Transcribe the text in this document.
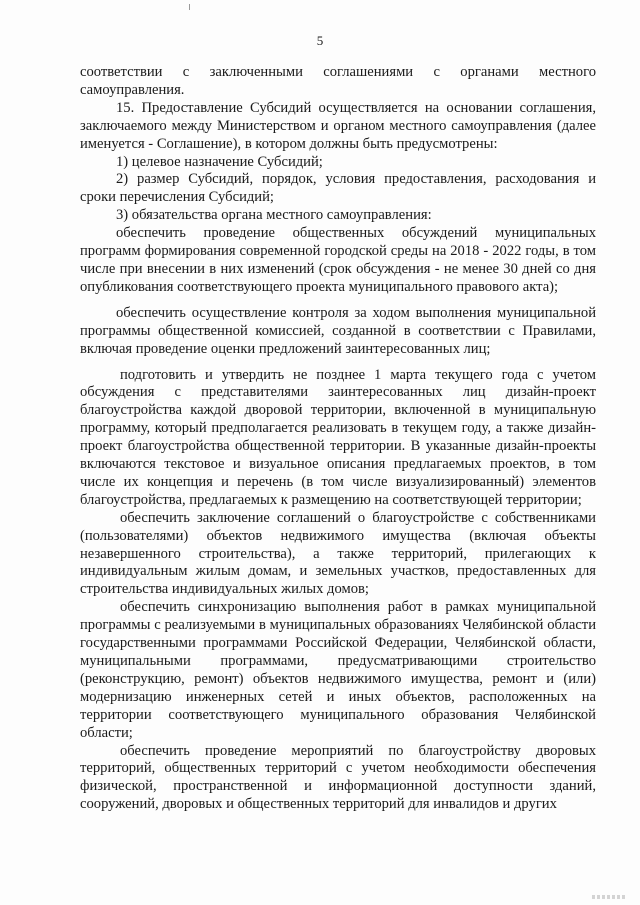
5

соответствии с заключенными соглашениями с органами местного самоуправления.

15. Предоставление Субсидий осуществляется на основании соглашения, заключаемого между Министерством и органом местного самоуправления (далее именуется - Соглашение), в котором должны быть предусмотрены:

1) целевое назначение Субсидий;

2) размер Субсидий, порядок, условия предоставления, расходования и сроки перечисления Субсидий;

3) обязательства органа местного самоуправления:

обеспечить проведение общественных обсуждений муниципальных программ формирования современной городской среды на 2018 - 2022 годы, в том числе при внесении в них изменений (срок обсуждения - не менее 30 дней со дня опубликования соответствующего проекта муниципального правового акта);

обеспечить осуществление контроля за ходом выполнения муниципальной программы общественной комиссией, созданной в соответствии с Правилами, включая проведение оценки предложений заинтересованных лиц;

подготовить и утвердить не позднее 1 марта текущего года с учетом обсуждения с представителями заинтересованных лиц дизайн-проект благоустройства каждой дворовой территории, включенной в муниципальную программу, который предполагается реализовать в текущем году, а также дизайн-проект благоустройства общественной территории. В указанные дизайн-проекты включаются текстовое и визуальное описания предлагаемых проектов, в том числе их концепция и перечень (в том числе визуализированный) элементов благоустройства, предлагаемых к размещению на соответствующей территории;

обеспечить заключение соглашений о благоустройстве с собственниками (пользователями) объектов недвижимого имущества (включая объекты незавершенного строительства), а также территорий, прилегающих к индивидуальным жилым домам, и земельных участков, предоставленных для строительства индивидуальных жилых домов;

обеспечить синхронизацию выполнения работ в рамках муниципальной программы с реализуемыми в муниципальных образованиях Челябинской области государственными программами Российской Федерации, Челябинской области, муниципальными программами, предусматривающими строительство (реконструкцию, ремонт) объектов недвижимого имущества, ремонт и (или) модернизацию инженерных сетей и иных объектов, расположенных на территории соответствующего муниципального образования Челябинской области;

обеспечить проведение мероприятий по благоустройству дворовых территорий, общественных территорий с учетом необходимости обеспечения физической, пространственной и информационной доступности зданий, сооружений, дворовых и общественных территорий для инвалидов и других
